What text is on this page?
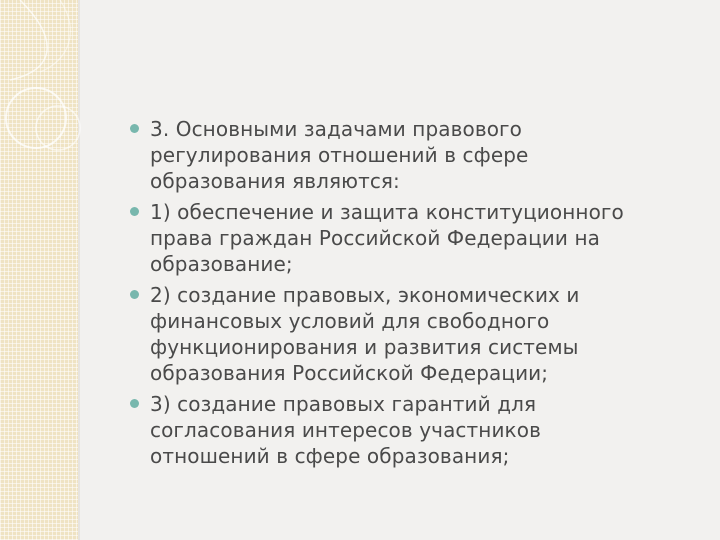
3. Основными задачами правового регулирования отношений в сфере образования являются:
1) обеспечение и защита конституционного права граждан Российской Федерации на образование;
2) создание правовых, экономических и финансовых условий для свободного функционирования и развития системы образования Российской Федерации;
3) создание правовых гарантий для согласования интересов участников отношений в сфере образования;
